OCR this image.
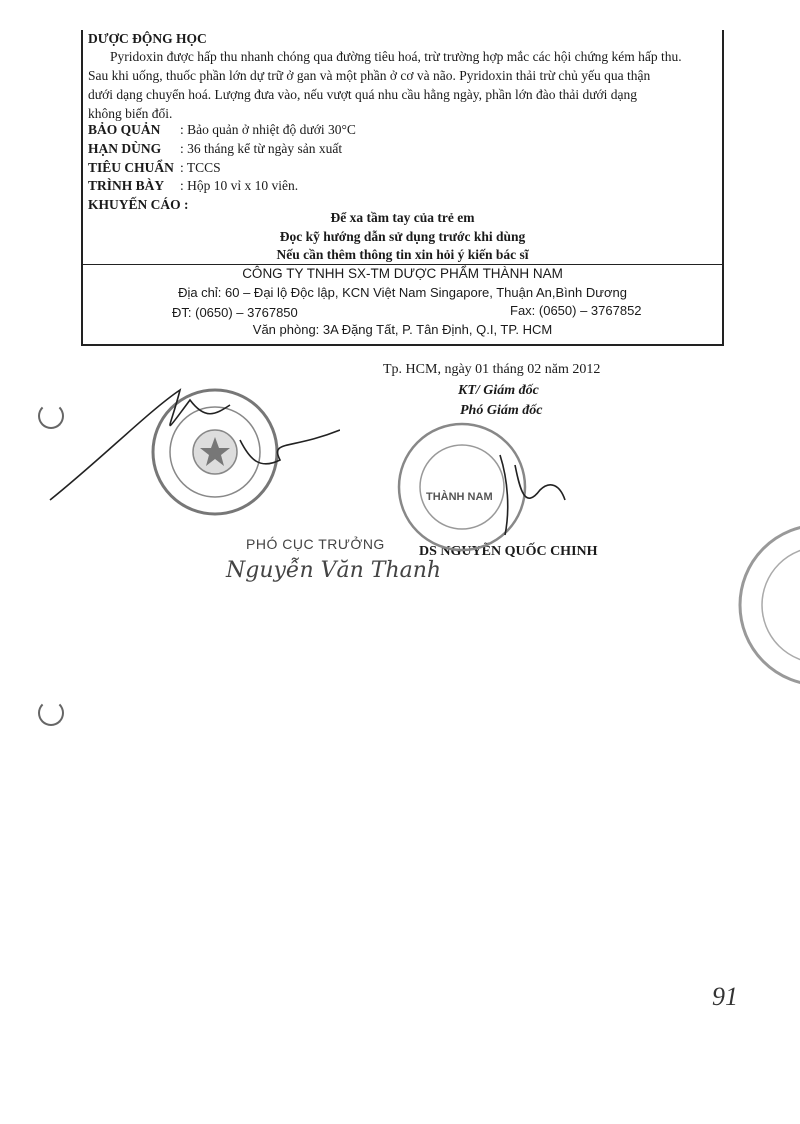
DƯỢC ĐỘNG HỌC
Pyridoxin được hấp thu nhanh chóng qua đường tiêu hoá, trừ trường hợp mắc các hội chứng kém hấp thu.
Sau khi uống, thuốc phần lớn dự trữ ở gan và một phần ở cơ và não. Pyridoxin thải trừ chủ yếu qua thận
dưới dạng chuyển hoá. Lượng đưa vào, nếu vượt quá nhu cầu hằng ngày, phần lớn đào thải dưới dạng
không biến đổi.
BẢO QUẢN : Bảo quản ở nhiệt độ dưới 30°C
HẠN DÙNG : 36 tháng kể từ ngày sản xuất
TIÊU CHUẨN : TCCS
TRÌNH BÀY : Hộp 10 vỉ x 10 viên.
KHUYẾN CÁO :
Để xa tầm tay của trẻ em
Đọc kỹ hướng dẫn sử dụng trước khi dùng
Nếu cần thêm thông tin xin hỏi ý kiến bác sĩ
CÔNG TY TNHH SX-TM DƯỢC PHẨM THÀNH NAM
Địa chỉ: 60 – Đại lộ Độc lập, KCN Việt Nam Singapore, Thuận An,Bình Dương
ĐT: (0650) – 3767850	Fax: (0650) – 3767852
Văn phòng: 3A Đặng Tất, P. Tân Định, Q.I, TP. HCM
Tp. HCM, ngày 01 tháng 02 năm 2012
KT/ Giám đốc
Phó Giám đốc
DS NGUYỄN QUỐC CHINH
PHÓ CỤC TRƯỞNG
Nguyễn Văn Thanh
THÀNH NAM
91
